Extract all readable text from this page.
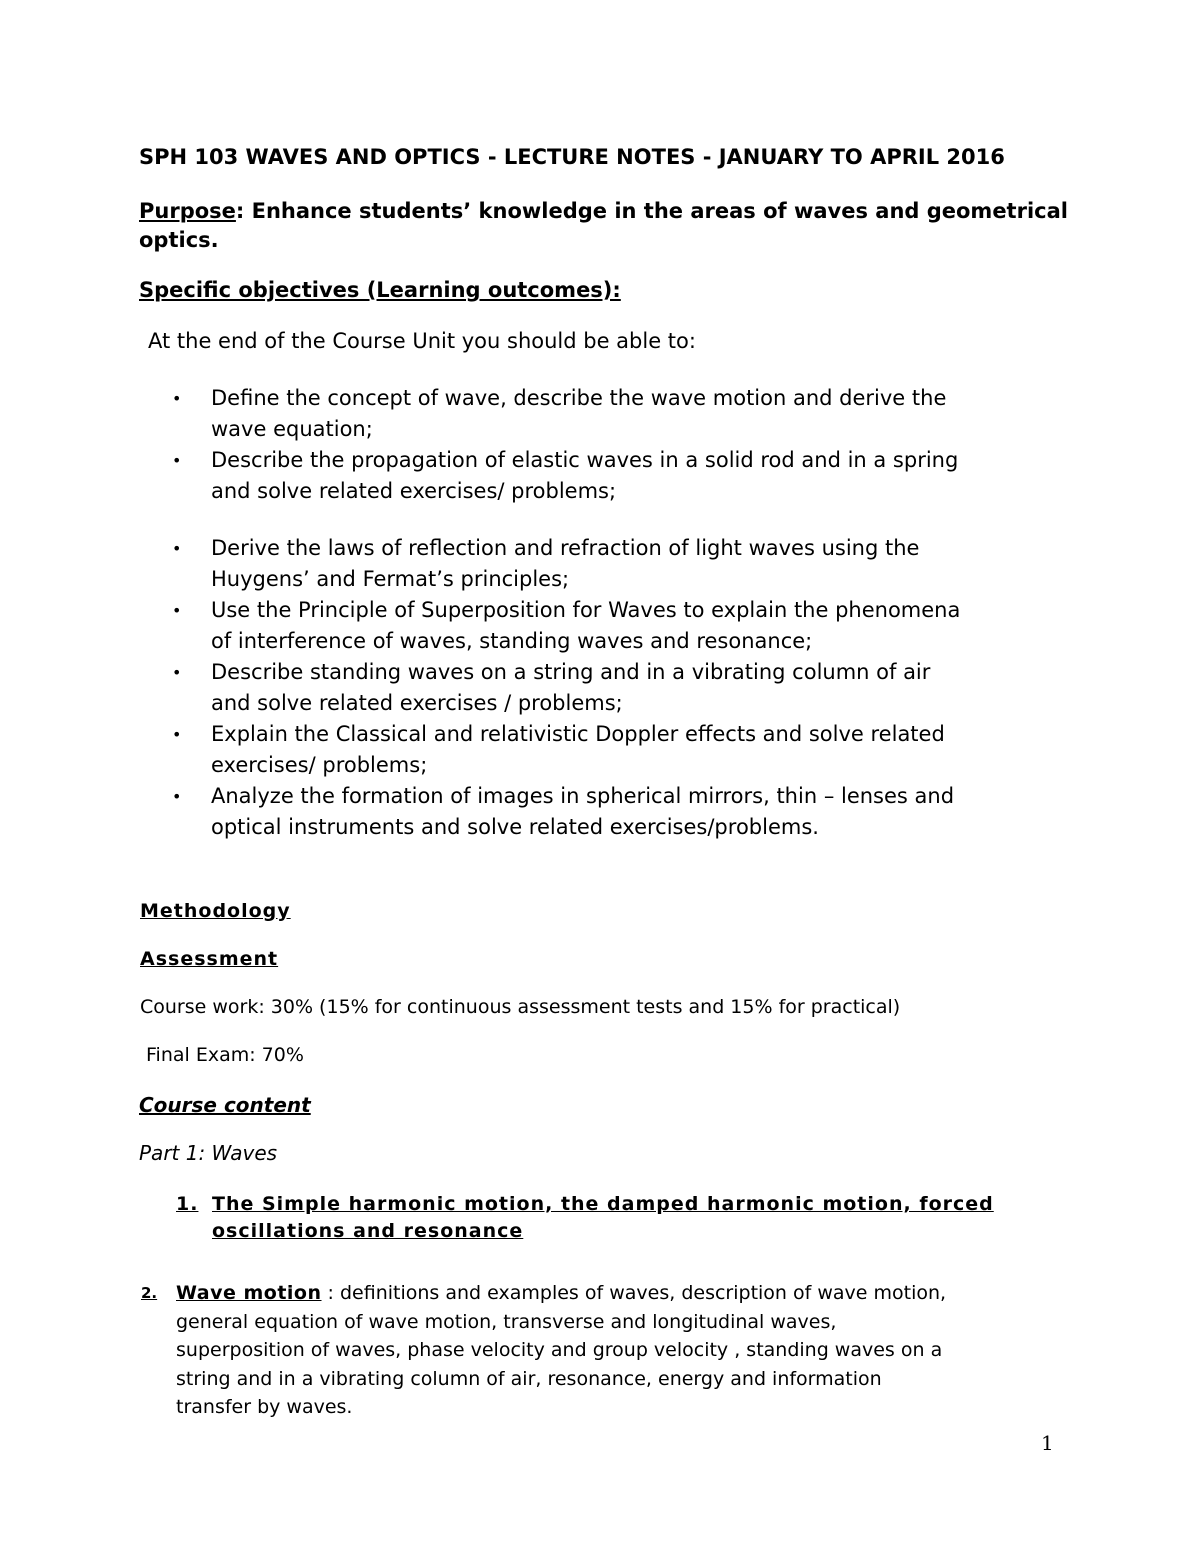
SPH 103 WAVES AND OPTICS - LECTURE NOTES - JANUARY TO APRIL 2016
Purpose: Enhance students’ knowledge in the areas of waves and geometrical
optics.
Specific objectives (Learning outcomes):
At the end of the Course Unit you should be able to:
• Define the concept of wave, describe the wave motion and derive the
wave equation;
• Describe the propagation of elastic waves in a solid rod and in a spring
and solve related exercises/ problems;
• Derive the laws of reflection and refraction of light waves using the
Huygens’ and Fermat’s principles;
• Use the Principle of Superposition for Waves to explain the phenomena
of interference of waves, standing waves and resonance;
• Describe standing waves on a string and in a vibrating column of air
and solve related exercises / problems;
• Explain the Classical and relativistic Doppler effects and solve related
exercises/ problems;
• Analyze the formation of images in spherical mirrors, thin – lenses and
optical instruments and solve related exercises/problems.
Methodology
Assessment
Course work: 30% (15% for continuous assessment tests and 15% for practical)
Final Exam: 70%
Course content
Part 1: Waves
1. The Simple harmonic motion, the damped harmonic motion, forced
oscillations and resonance
2. Wave motion : definitions and examples of waves, description of wave motion,
general equation of wave motion, transverse and longitudinal waves,
superposition of waves, phase velocity and group velocity , standing waves on a
string and in a vibrating column of air, resonance, energy and information
transfer by waves.
1
